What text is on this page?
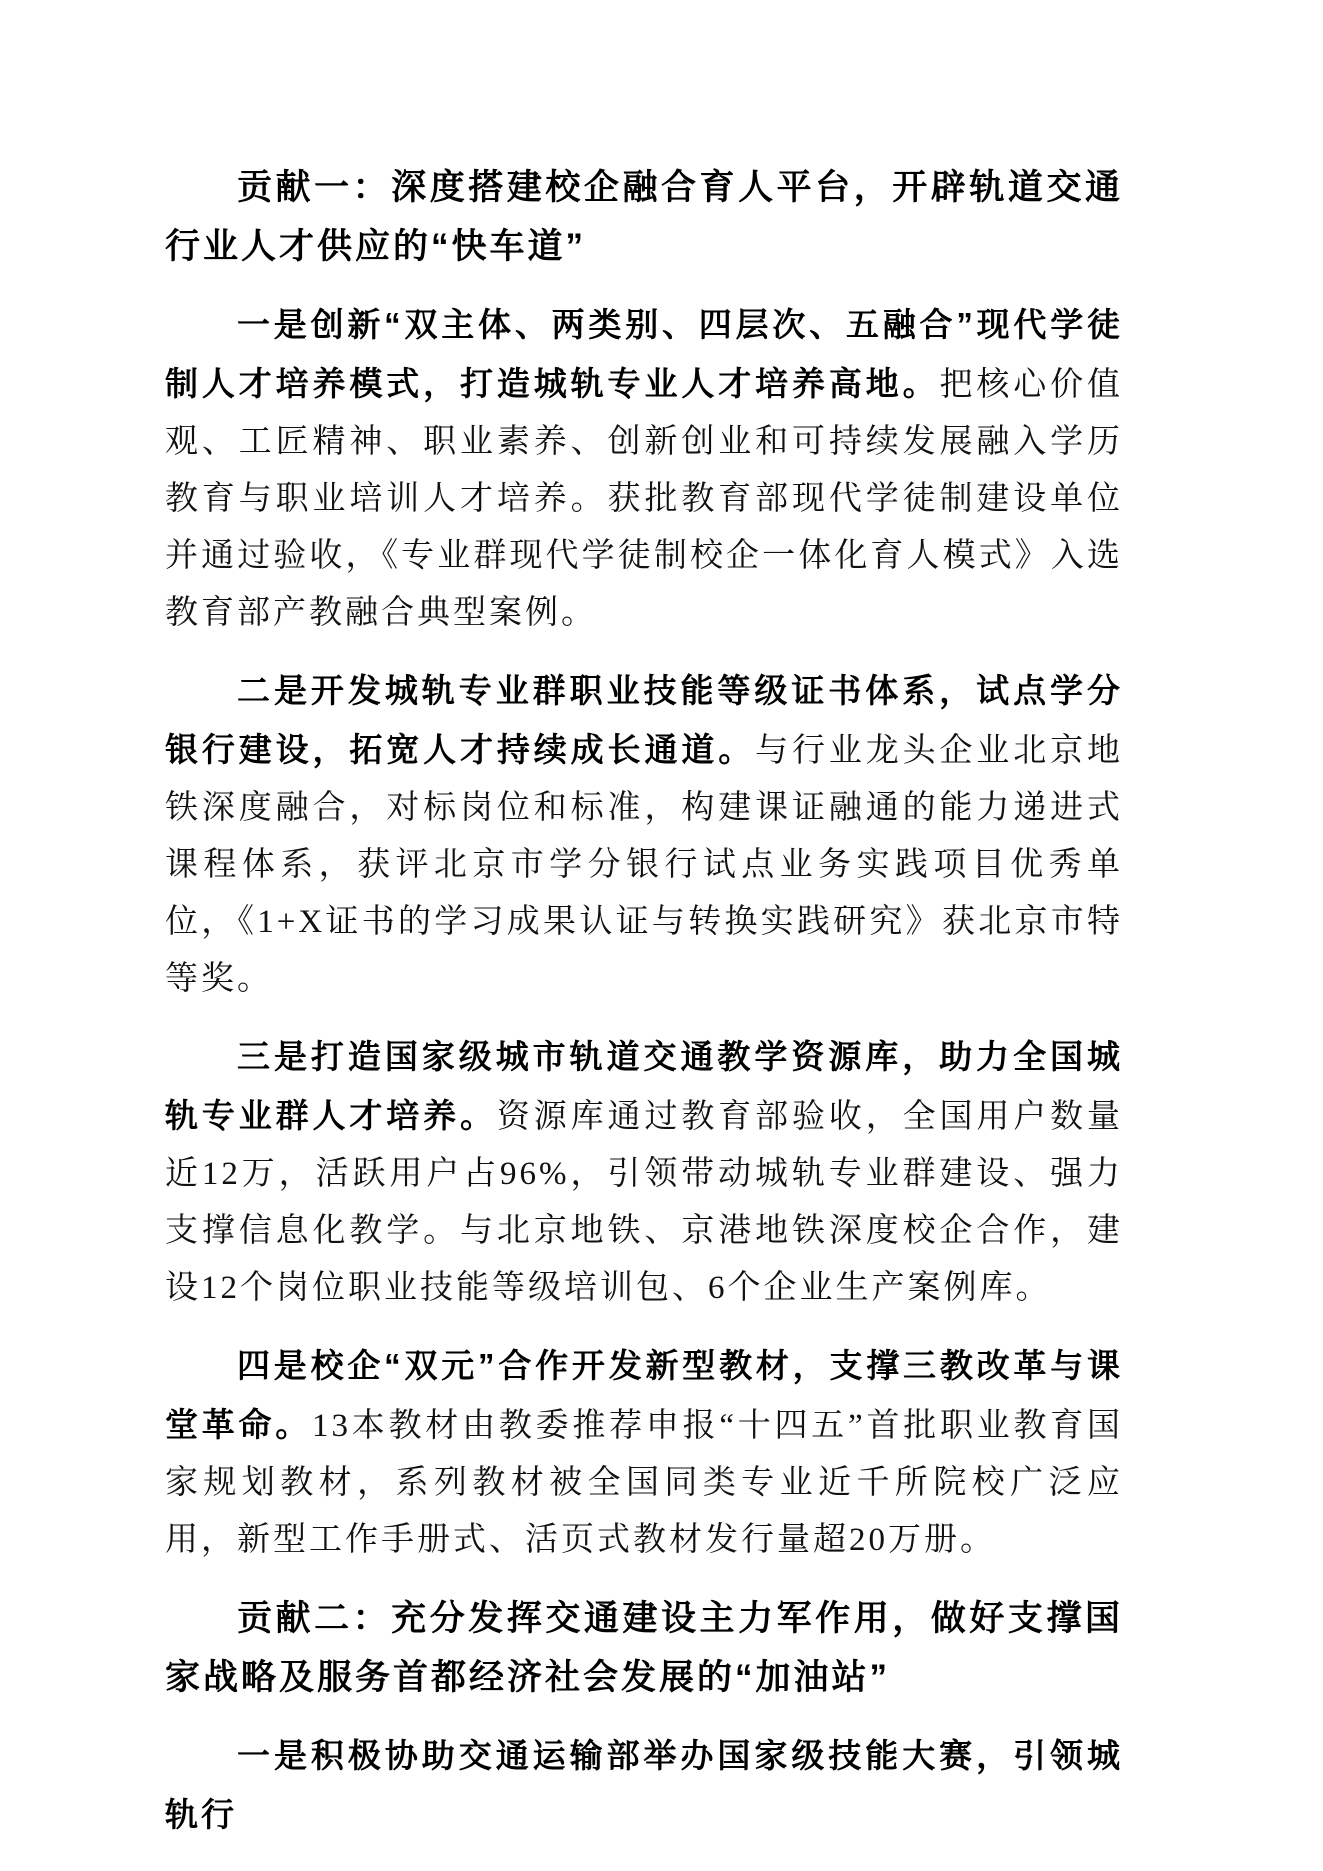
贡献一：深度搭建校企融合育人平台，开辟轨道交通行业人才供应的“快车道”
一是创新“双主体、两类别、四层次、五融合”现代学徒制人才培养模式，打造城轨专业人才培养高地。把核心价值观、工匠精神、职业素养、创新创业和可持续发展融入学历教育与职业培训人才培养。获批教育部现代学徒制建设单位并通过验收，《专业群现代学徒制校企一体化育人模式》入选教育部产教融合典型案例。
二是开发城轨专业群职业技能等级证书体系，试点学分银行建设，拓宽人才持续成长通道。与行业龙头企业北京地铁深度融合，对标岗位和标准，构建课证融通的能力递进式课程体系，获评北京市学分银行试点业务实践项目优秀单位，《1+X证书的学习成果认证与转换实践研究》获北京市特等奖。
三是打造国家级城市轨道交通教学资源库，助力全国城轨专业群人才培养。资源库通过教育部验收，全国用户数量近12万，活跃用户占96%，引领带动城轨专业群建设、强力支撑信息化教学。与北京地铁、京港地铁深度校企合作，建设12个岗位职业技能等级培训包、6个企业生产案例库。
四是校企“双元”合作开发新型教材，支撑三教改革与课堂革命。13本教材由教委推荐申报“十四五”首批职业教育国家规划教材，系列教材被全国同类专业近千所院校广泛应用，新型工作手册式、活页式教材发行量超20万册。
贡献二：充分发挥交通建设主力军作用，做好支撑国家战略及服务首都经济社会发展的“加油站”
一是积极协助交通运输部举办国家级技能大赛，引领城轨行
